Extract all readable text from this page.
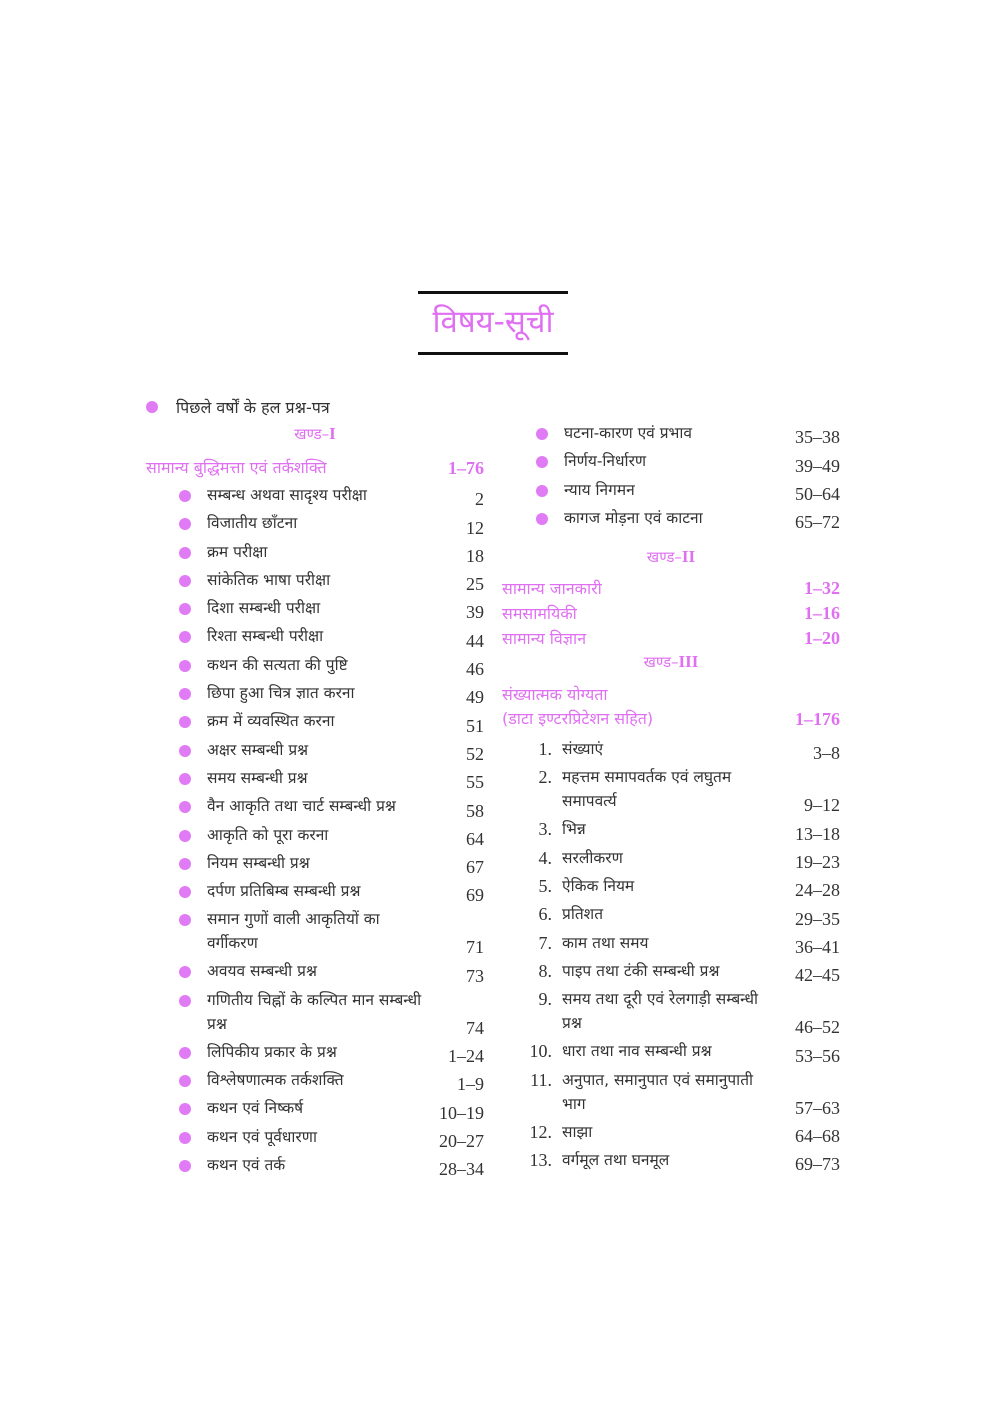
विषय-सूची
पिछले वर्षों के हल प्रश्न-पत्र
खण्ड–I
सामान्य बुद्धिमत्ता एवं तर्कशक्ति	1–76
सम्बन्ध अथवा सादृश्य परीक्षा	2
विजातीय छाँटना	12
क्रम परीक्षा	18
सांकेतिक भाषा परीक्षा	25
दिशा सम्बन्धी परीक्षा	39
रिश्ता सम्बन्धी परीक्षा	44
कथन की सत्यता की पुष्टि	46
छिपा हुआ चित्र ज्ञात करना	49
क्रम में व्यवस्थित करना	51
अक्षर सम्बन्धी प्रश्न	52
समय सम्बन्धी प्रश्न	55
वैन आकृति तथा चार्ट सम्बन्धी प्रश्न	58
आकृति को पूरा करना	64
नियम सम्बन्धी प्रश्न	67
दर्पण प्रतिबिम्ब सम्बन्धी प्रश्न	69
समान गुणों वाली आकृतियों का वर्गीकरण	71
अवयव सम्बन्धी प्रश्न	73
गणितीय चिह्नों के कल्पित मान सम्बन्धी प्रश्न	74
लिपिकीय प्रकार के प्रश्न	1–24
विश्लेषणात्मक तर्कशक्ति	1–9
कथन एवं निष्कर्ष	10–19
कथन एवं पूर्वधारणा	20–27
कथन एवं तर्क	28–34
घटना-कारण एवं प्रभाव	35–38
निर्णय-निर्धारण	39–49
न्याय निगमन	50–64
कागज मोड़ना एवं काटना	65–72
खण्ड–II
सामान्य जानकारी	1–32
समसामयिकी	1–16
सामान्य विज्ञान	1–20
खण्ड–III
संख्यात्मक योग्यता
(डाटा इण्टरप्रिटेशन सहित)	1–176
1. संख्याएं	3–8
2. महत्तम समापवर्तक एवं लघुतम समापवर्त्य	9–12
3. भिन्न	13–18
4. सरलीकरण	19–23
5. ऐकिक नियम	24–28
6. प्रतिशत	29–35
7. काम तथा समय	36–41
8. पाइप तथा टंकी सम्बन्धी प्रश्न	42–45
9. समय तथा दूरी एवं रेलगाड़ी सम्बन्धी प्रश्न	46–52
10. धारा तथा नाव सम्बन्धी प्रश्न	53–56
11. अनुपात, समानुपात एवं समानुपाती भाग	57–63
12. साझा	64–68
13. वर्गमूल तथा घनमूल	69–73
